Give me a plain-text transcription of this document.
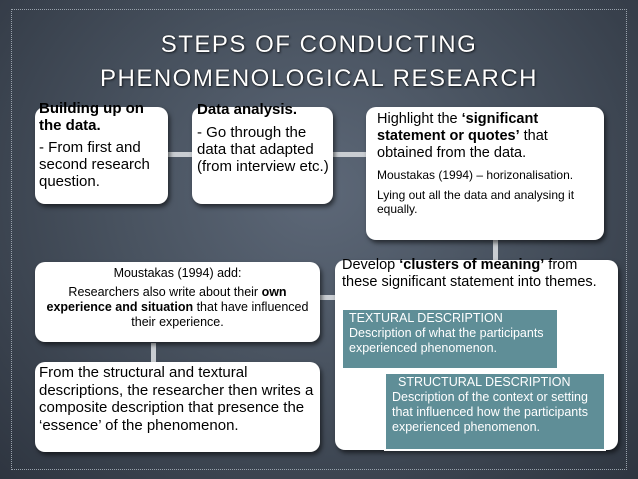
STEPS OF CONDUCTING
PHENOMENOLOGICAL RESEARCH

Building up on the data.

- From first and second research question.

Data analysis.

- Go through the data that adapted (from interview etc.)

Highlight the ‘significant statement or quotes’ that obtained from the data.

Moustakas (1994) – horizonalisation.

Lying out all the data and analysing it equally.

Develop ‘clusters of meaning’ from these significant statement into themes.

TEXTURAL DESCRIPTION

Description of what the participants experienced phenomenon.

STRUCTURAL DESCRIPTION

Description of the context or setting that influenced how the participants experienced phenomenon.

Moustakas (1994) add:

Researchers also write about their own experience and situation that have influenced their experience.

From the structural and textural descriptions, the researcher then writes a composite description that presence the ‘essence’ of the phenomenon.
